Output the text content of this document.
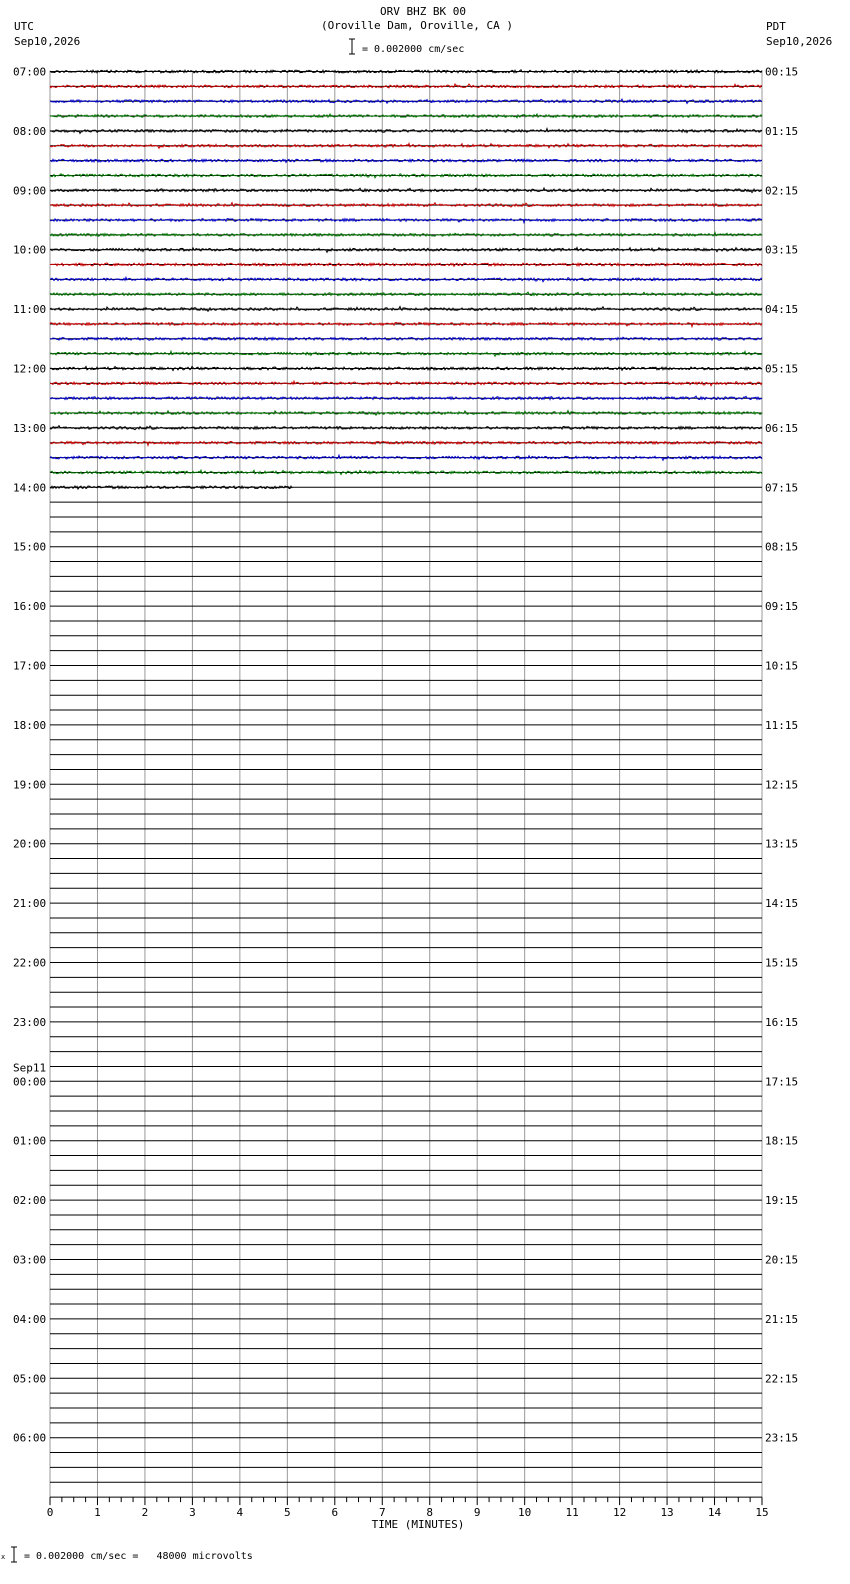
ORV BHZ BK 00
(Oroville Dam, Oroville, CA )
UTC
Sep10,2026
PDT
Sep10,2026
= 0.002000 cm/sec
0	1	2	3	4	5	6	7	8	9	10	11	12	13	14	15
TIME (MINUTES)
07:00
08:00
09:00
10:00
11:00
12:00
13:00
14:00
15:00
16:00
17:00
18:00
19:00
20:00
21:00
22:00
23:00
00:00
01:00
02:00
03:00
04:00
05:00
06:00
Sep11
00:15
01:15
02:15
03:15
04:15
05:15
06:15
07:15
08:15
09:15
10:15
11:15
12:15
13:15
14:15
15:15
16:15
17:15
18:15
19:15
20:15
21:15
22:15
23:15
x = 0.002000 cm/sec =   48000 microvolts
